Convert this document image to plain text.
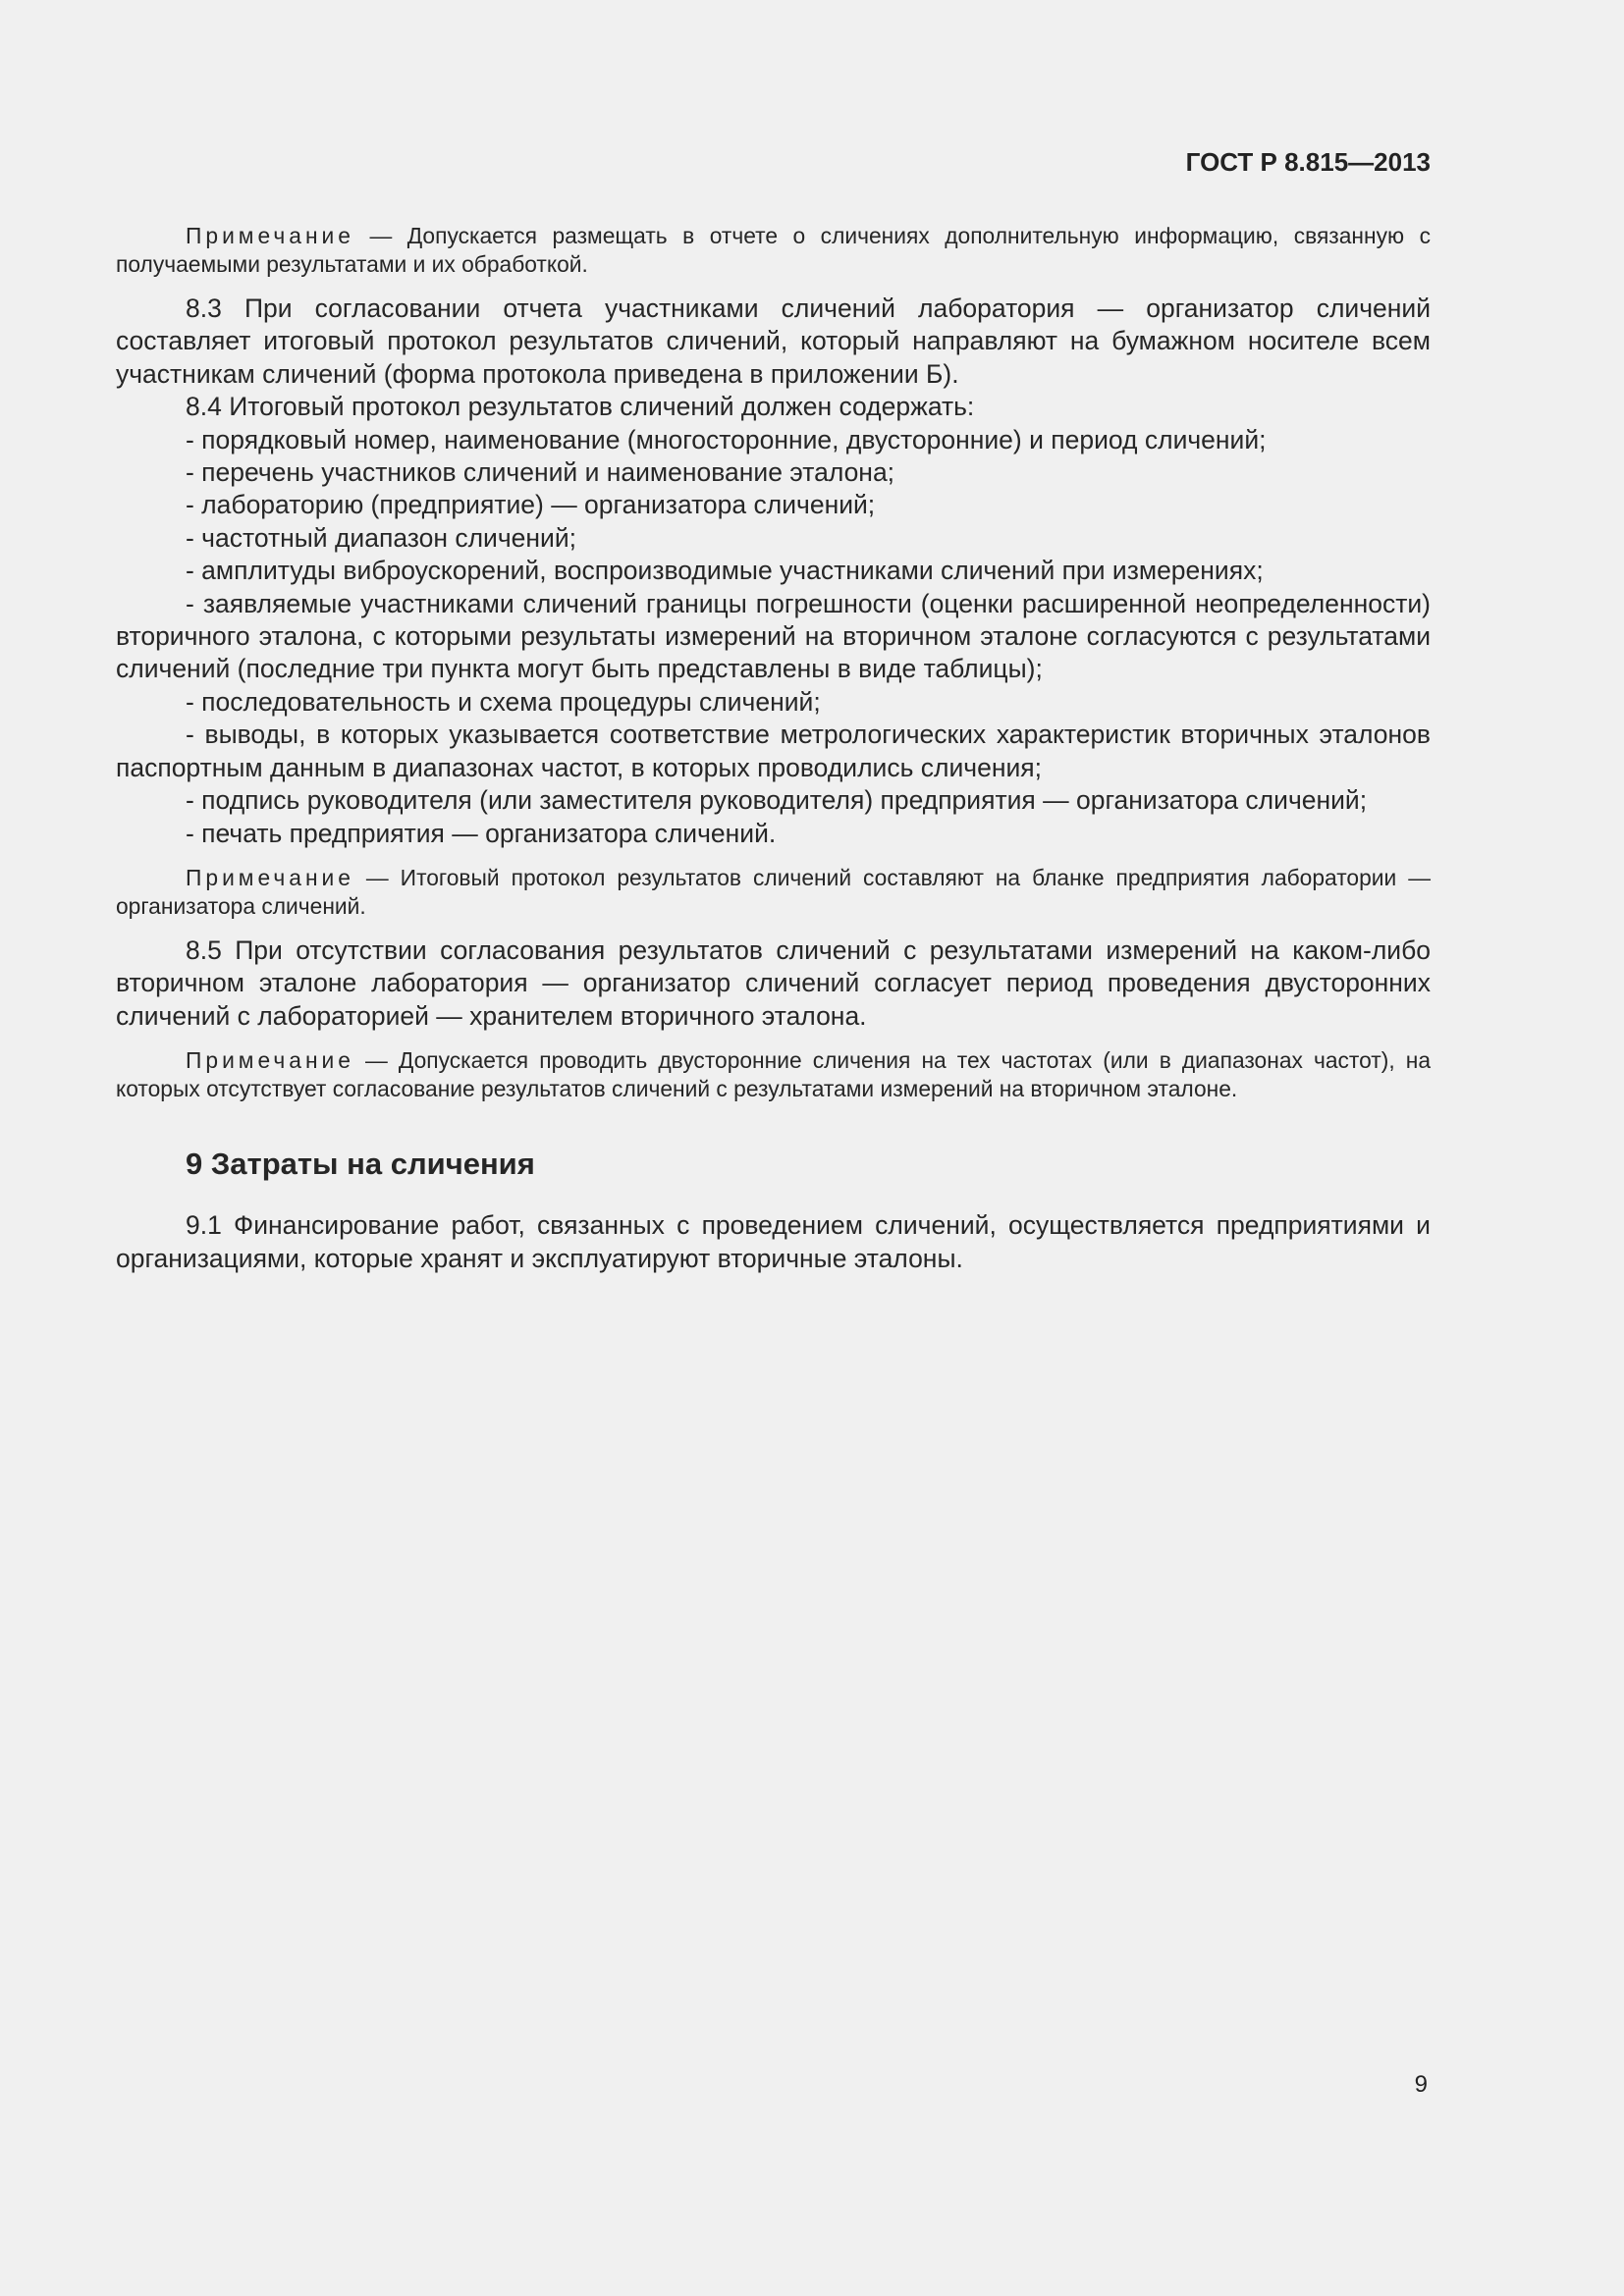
ГОСТ Р 8.815—2013

Примечание — Допускается размещать в отчете о сличениях дополнительную информацию, связанную с получаемыми результатами и их обработкой.

8.3 При согласовании отчета участниками сличений лаборатория — организатор сличений составляет итоговый протокол результатов сличений, который направляют на бумажном носителе всем участникам сличений (форма протокола приведена в приложении Б).

8.4 Итоговый протокол результатов сличений должен содержать:

- порядковый номер, наименование (многосторонние, двусторонние) и период сличений;

- перечень участников сличений и наименование эталона;

- лабораторию (предприятие) — организатора сличений;

- частотный диапазон сличений;

- амплитуды виброускорений, воспроизводимые участниками сличений при измерениях;

- заявляемые участниками сличений границы погрешности (оценки расширенной неопределенности) вторичного эталона, с которыми результаты измерений на вторичном эталоне согласуются с результатами сличений (последние три пункта могут быть представлены в виде таблицы);

- последовательность и схема процедуры сличений;

- выводы, в которых указывается соответствие метрологических характеристик вторичных эталонов паспортным данным в диапазонах частот, в которых проводились сличения;

- подпись руководителя (или заместителя руководителя) предприятия — организатора сличений;

- печать предприятия — организатора сличений.

Примечание — Итоговый протокол результатов сличений составляют на бланке предприятия лаборатории — организатора сличений.

8.5 При отсутствии согласования результатов сличений с результатами измерений на каком-либо вторичном эталоне лаборатория — организатор сличений согласует период проведения двусторонних сличений с лабораторией — хранителем вторичного эталона.

Примечание — Допускается проводить двусторонние сличения на тех частотах (или в диапазонах частот), на которых отсутствует согласование результатов сличений с результатами измерений на вторичном эталоне.

9 Затраты на сличения

9.1 Финансирование работ, связанных с проведением сличений, осуществляется предприятиями и организациями, которые хранят и эксплуатируют вторичные эталоны.

9
